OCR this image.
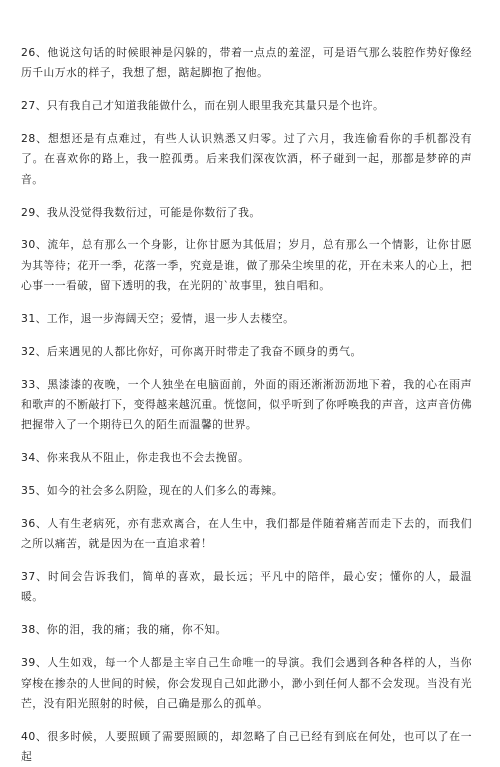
26、他说这句话的时候眼神是闪躲的，带着一点点的羞涩，可是语气那么装腔作势好像经历千山万水的样子，我想了想，踮起脚抱了抱他。

27、只有我自己才知道我能做什么，而在别人眼里我充其量只是个也许。

28、想想还是有点难过，有些人认识熟悉又归零。过了六月，我连偷看你的手机都没有了。在喜欢你的路上，我一腔孤勇。后来我们深夜饮酒，杯子碰到一起，那都是梦碎的声音。

29、我从没觉得我数衍过，可能是你数衍了我。

30、流年，总有那么一个身影，让你甘愿为其低眉；岁月，总有那么一个情影，让你甘愿为其等待；花开一季，花落一季，究竟是谁，做了那朵尘埃里的花，开在未来人的心上，把心事一一看破，留下透明的我，在光阴的`故事里，独自唱和。

31、工作，退一步海阔天空；爱情，退一步人去楼空。

32、后来遇见的人都比你好，可你离开时带走了我奋不顾身的勇气。

33、黑漆漆的夜晚，一个人独坐在电脑面前，外面的雨还淅淅沥沥地下着，我的心在雨声和歌声的不断敲打下，变得越来越沉重。恍惚间，似乎听到了你呼唤我的声音，这声音仿佛把握带入了一个期待已久的陌生而温馨的世界。

34、你来我从不阻止，你走我也不会去挽留。

35、如今的社会多么阴险，现在的人们多么的毒辣。

36、人有生老病死，亦有悲欢离合，在人生中，我们都是伴随着痛苦而走下去的，而我们之所以痛苦，就是因为在一直追求着！

37、时间会告诉我们，简单的喜欢，最长远；平凡中的陪伴，最心安；懂你的人，最温暖。

38、你的泪，我的痛；我的痛，你不知。

39、人生如戏，每一个人都是主宰自己生命唯一的导演。我们会遇到各种各样的人，当你穿梭在掺杂的人世间的时候，你会发现自己如此渺小，渺小到任何人都不会发现。当没有光芒，没有阳光照射的时候，自己确是那么的孤单。

40、很多时候，人要照顾了需要照顾的，却忽略了自己已经有到底在何处，也可以了在一起
